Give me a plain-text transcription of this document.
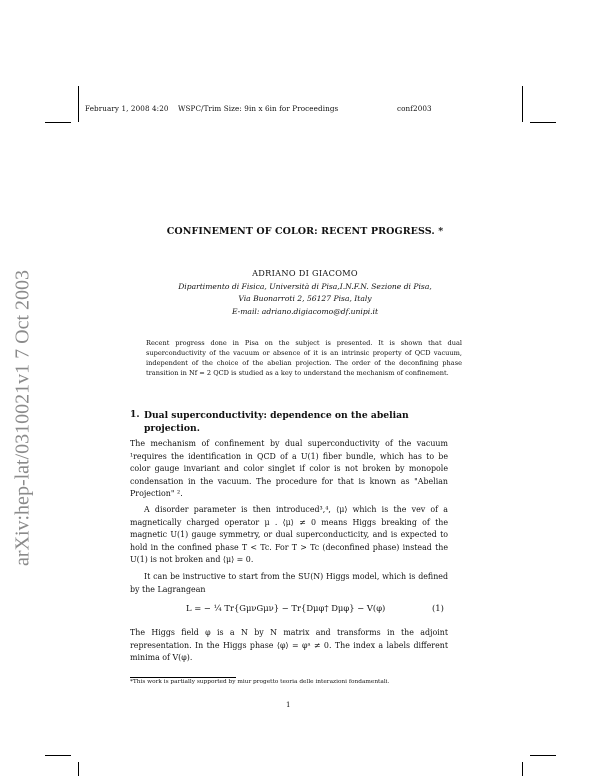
February 1, 2008 4:20 WSPC/Trim Size: 9in x 6in for Proceedings	conf2003
arXiv:hep-lat/0310021v1 7 Oct 2003
CONFINEMENT OF COLOR: RECENT PROGRESS. *
ADRIANO DI GIACOMO
Dipartimento di Fisica, Università di Pisa,I.N.F.N. Sezione di Pisa,
Via Buonarroti 2, 56127 Pisa, Italy
E-mail: adriano.digiacomo@df.unipi.it
Recent progress done in Pisa on the subject is presented. It is shown that dual superconductivity of the vacuum or absence of it is an intrinsic property of QCD vacuum, independent of the choice of the abelian projection. The order of the deconfining phase transition in Nf = 2 QCD is studied as a key to understand the mechanism of confinement.
1. Dual superconductivity: dependence on the abelian projection.
The mechanism of confinement by dual superconductivity of the vacuum ¹requires the identification in QCD of a U(1) fiber bundle, which has to be color gauge invariant and color singlet if color is not broken by monopole condensation in the vacuum. The procedure for that is known as "Abelian Projection" ².
A disorder parameter is then introduced³,⁴, ⟨μ⟩ which is the vev of a magnetically charged operator μ . ⟨μ⟩ ≠ 0 means Higgs breaking of the magnetic U(1) gauge symmetry, or dual superconducticity, and is expected to hold in the confined phase T < Tc. For T > Tc (deconfined phase) instead the U(1) is not broken and ⟨μ⟩ = 0.
It can be instructive to start from the SU(N) Higgs model, which is defined by the Lagrangean
L = − ¼ Tr{GμνGμν} − Tr{Dμφ† Dμφ} − V(φ)	(1)
The Higgs field φ is a N by N matrix and transforms in the adjoint representation. In the Higgs phase ⟨φ⟩ = φᵃ ≠ 0. The index a labels different minima of V(φ).
*This work is partially supported by miur progetto teoria delle interazioni fondamentali.
1
